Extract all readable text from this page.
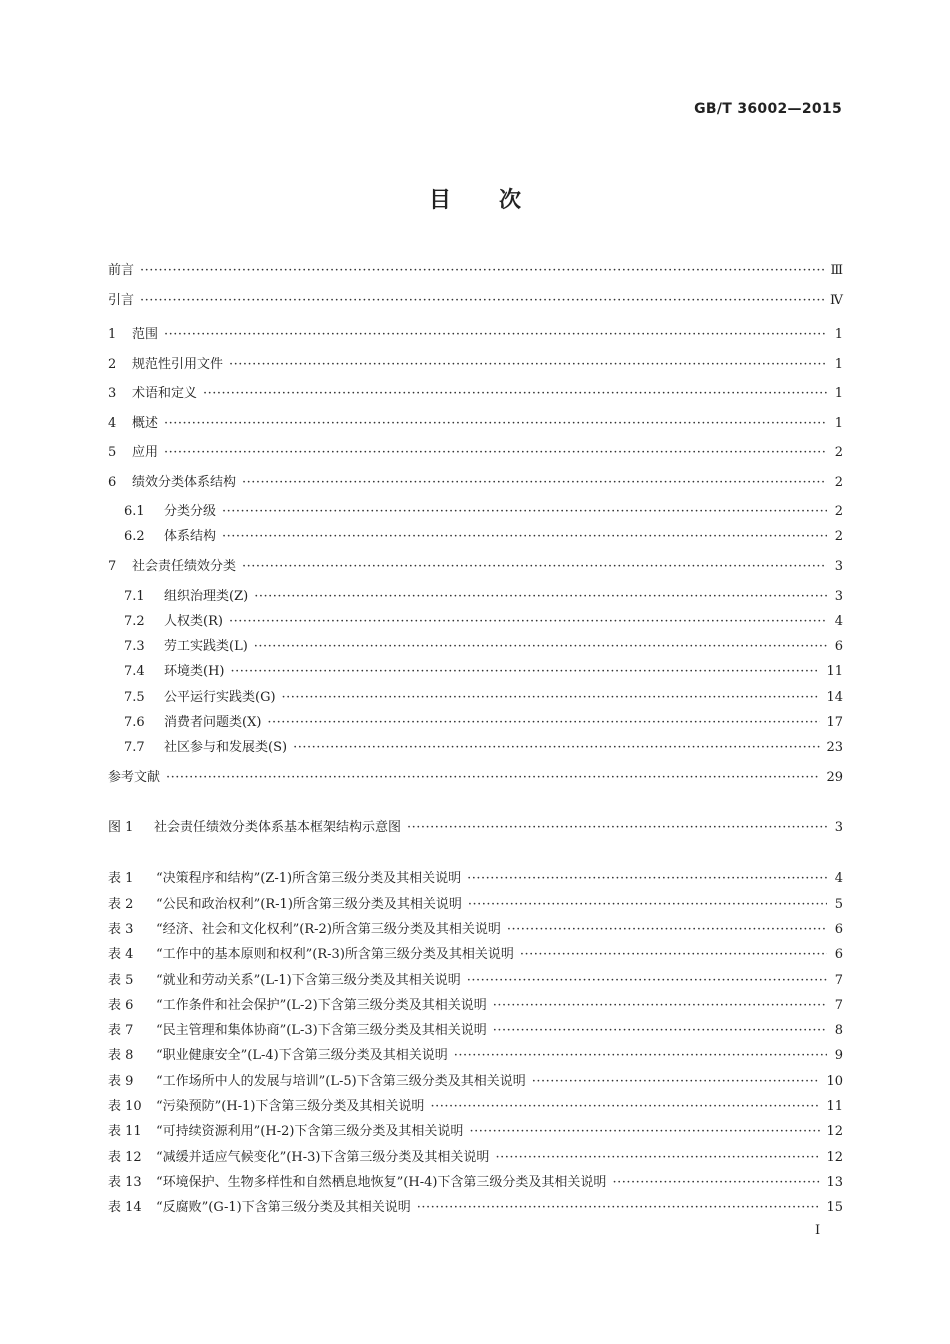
GB/T 36002—2015
目 次
前言 ·····	Ⅲ
引言 ·····	Ⅳ
1	范围 ·····	1
2	规范性引用文件 ·····	1
3	术语和定义 ·····	1
4	概述 ·····	1
5	应用 ·····	2
6	绩效分类体系结构 ·····	2
6.1	分类分级 ·····	2
6.2	体系结构 ·····	2
7	社会责任绩效分类 ·····	3
7.1	组织治理类(Z) ·····	3
7.2	人权类(R) ·····	4
7.3	劳工实践类(L) ·····	6
7.4	环境类(H) ·····	11
7.5	公平运行实践类(G) ·····	14
7.6	消费者问题类(X) ·····	17
7.7	社区参与和发展类(S) ·····	23
参考文献 ·····	29
图 1	社会责任绩效分类体系基本框架结构示意图 ·····	3
表 1	“决策程序和结构”(Z-1)所含第三级分类及其相关说明 ·····	4
表 2	“公民和政治权利”(R-1)所含第三级分类及其相关说明 ·····	5
表 3	“经济、社会和文化权利”(R-2)所含第三级分类及其相关说明 ·····	6
表 4	“工作中的基本原则和权利”(R-3)所含第三级分类及其相关说明 ·····	6
表 5	“就业和劳动关系”(L-1)下含第三级分类及其相关说明 ·····	7
表 6	“工作条件和社会保护”(L-2)下含第三级分类及其相关说明 ·····	7
表 7	“民主管理和集体协商”(L-3)下含第三级分类及其相关说明 ·····	8
表 8	“职业健康安全”(L-4)下含第三级分类及其相关说明 ·····	9
表 9	“工作场所中人的发展与培训”(L-5)下含第三级分类及其相关说明 ·····	10
表 10	“污染预防”(H-1)下含第三级分类及其相关说明 ·····	11
表 11	“可持续资源利用”(H-2)下含第三级分类及其相关说明 ·····	12
表 12	“减缓并适应气候变化”(H-3)下含第三级分类及其相关说明 ·····	12
表 13	“环境保护、生物多样性和自然栖息地恢复”(H-4)下含第三级分类及其相关说明 ·····	13
表 14	“反腐败”(G-1)下含第三级分类及其相关说明 ·····	15
I
